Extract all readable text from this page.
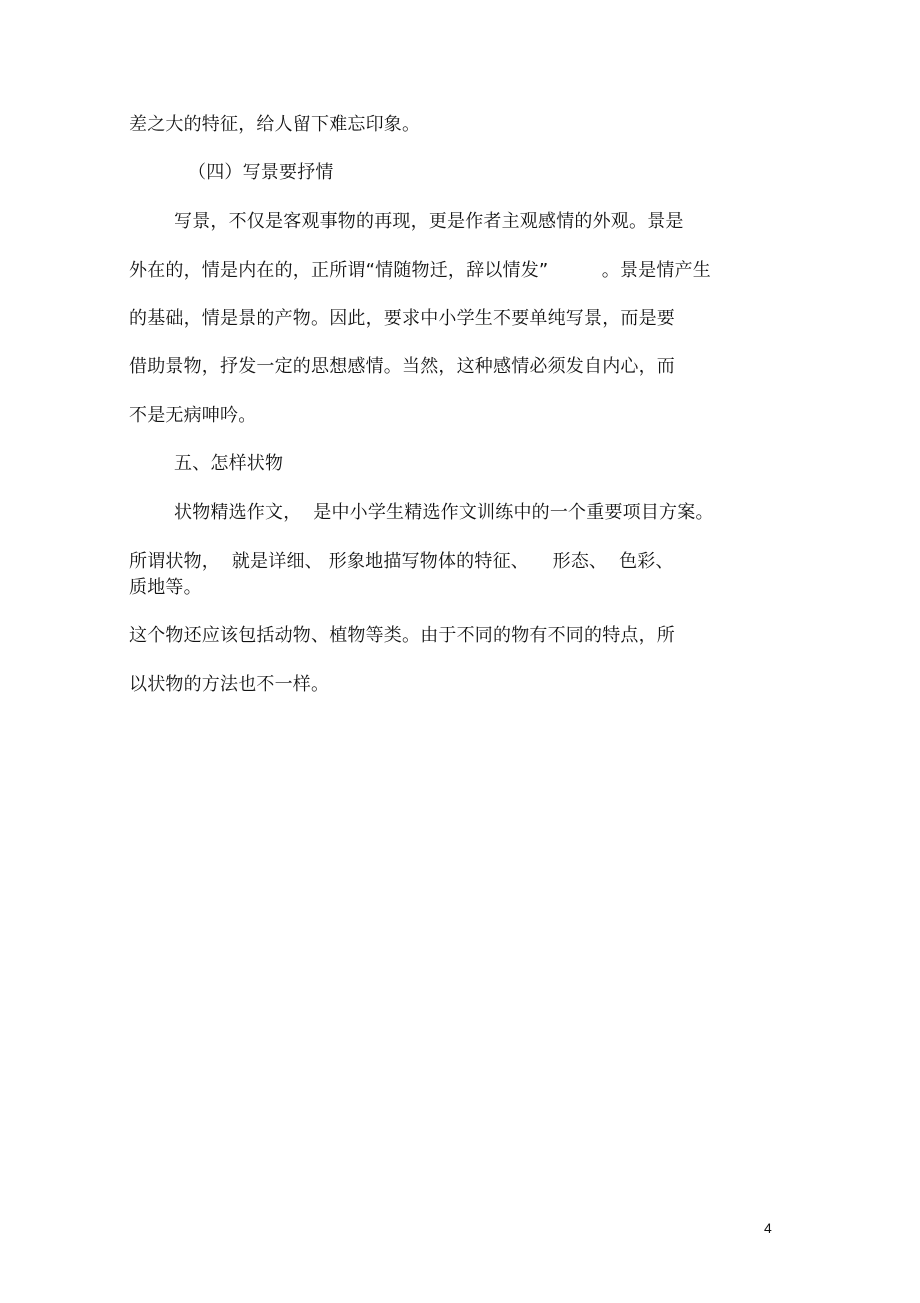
差之大的特征，给人留下难忘印象。
（四）写景要抒情
写景，不仅是客观事物的再现，更是作者主观感情的外观。景是
外在的，情是内在的，正所谓“情随物迁，辞以情发”         。景是情产生
的基础，情是景的产物。因此，要求中小学生不要单纯写景，而是要
借助景物，抒发一定的思想感情。当然，这种感情必须发自内心，而
不是无病呻吟。
五、怎样状物
状物精选作文，  是中小学生精选作文训练中的一个重要项目方案。
所谓状物，  就是详细、 形象地描写物体的特征、    形态、  色彩、
质地等。
这个物还应该包括动物、植物等类。由于不同的物有不同的特点，所
以状物的方法也不一样。
4
